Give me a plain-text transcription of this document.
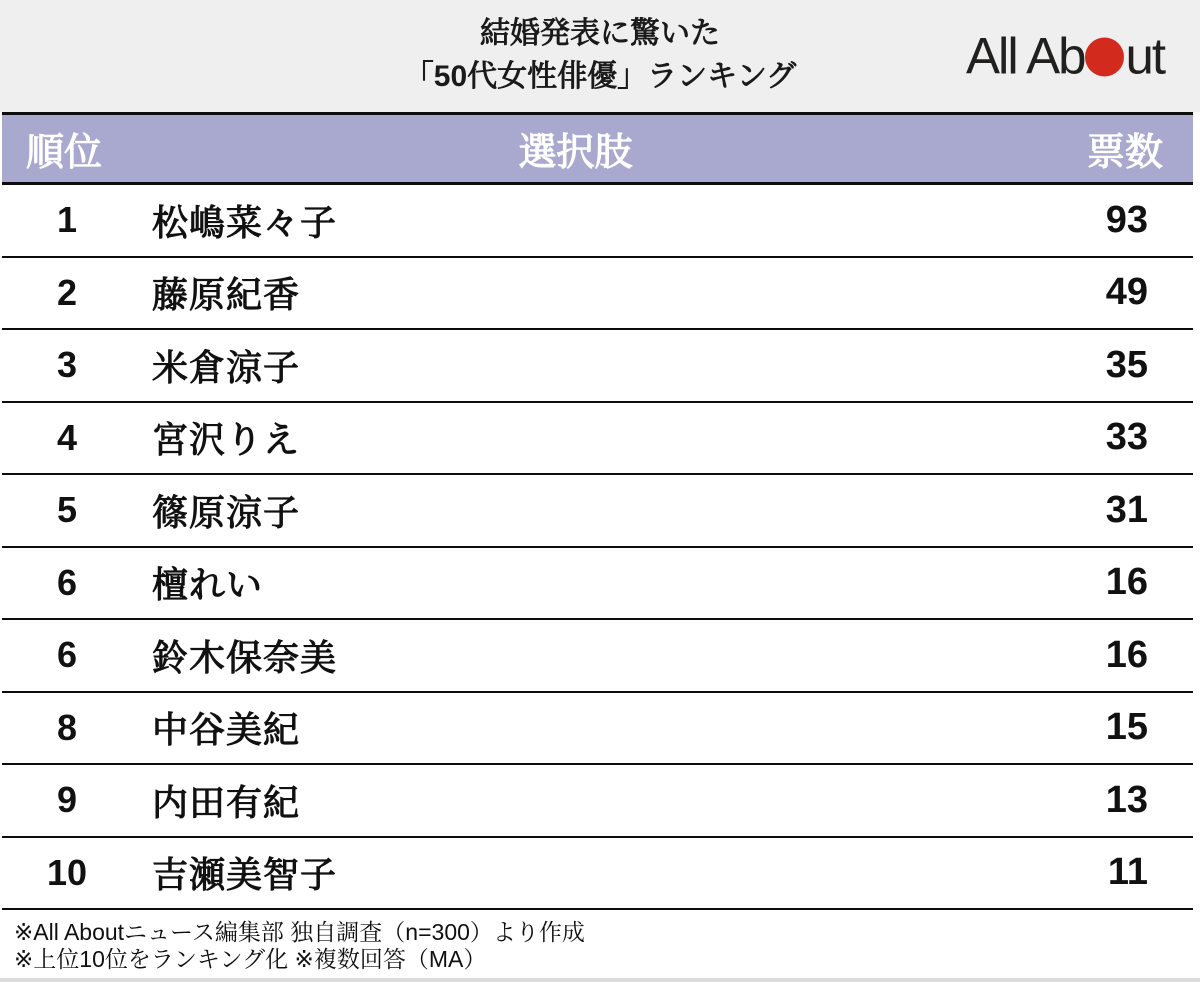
結婚発表に驚いた
「50代女性俳優」ランキング	All Ab ut
順位	選択肢	票数
1	松嶋菜々子	93
2	藤原紀香	49
3	米倉涼子	35
4	宮沢りえ	33
5	篠原涼子	31
6	檀れい	16
6	鈴木保奈美	16
8	中谷美紀	15
9	内田有紀	13
10	吉瀬美智子	11
※All Aboutニュース編集部 独自調査（n=300）より作成
※上位10位をランキング化 ※複数回答（MA）
